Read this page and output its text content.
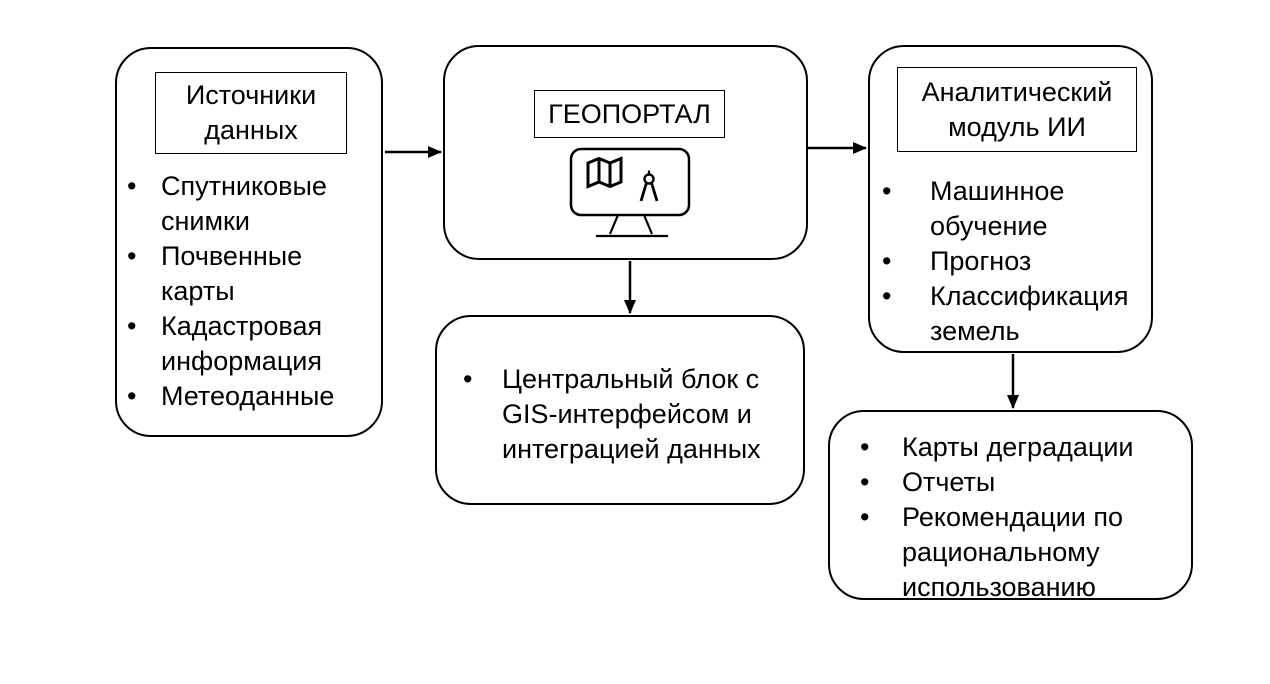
Источники данных
• Спутниковые снимки
• Почвенные карты
• Кадастровая информация
• Метеоданные
ГЕОПОРТАЛ
Аналитический модуль ИИ
•	Машинное обучение
•	Прогноз
•	Классификация земель
•	Центральный блок с GIS-интерфейсом и интеграцией данных	•	Карты деградации
•	Отчеты
•	Рекомендации по рациональному использованию
